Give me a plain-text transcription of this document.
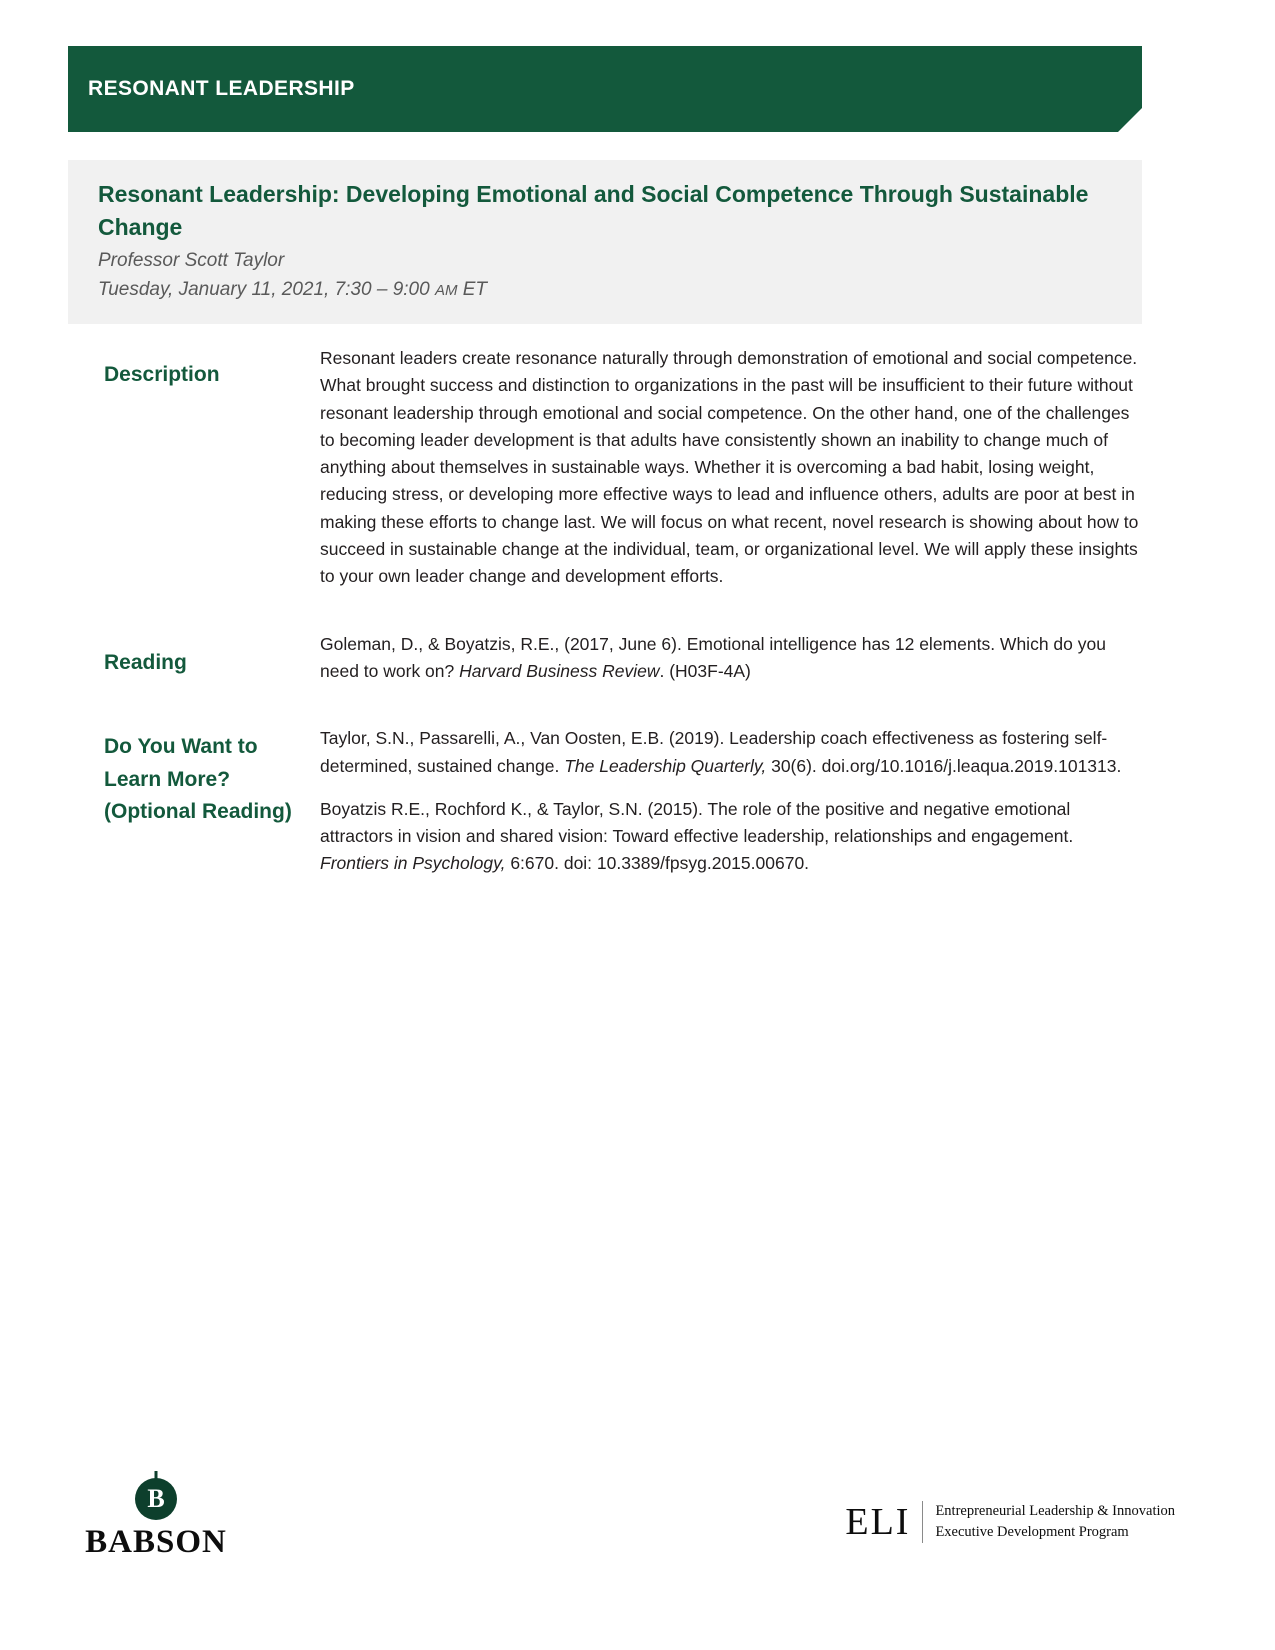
RESONANT LEADERSHIP
Resonant Leadership: Developing Emotional and Social Competence Through Sustainable Change
Professor Scott Taylor
Tuesday, January 11, 2021, 7:30 – 9:00 AM ET
Description

Resonant leaders create resonance naturally through demonstration of emotional and social competence. What brought success and distinction to organizations in the past will be insufficient to their future without resonant leadership through emotional and social competence. On the other hand, one of the challenges to becoming leader development is that adults have consistently shown an inability to change much of anything about themselves in sustainable ways. Whether it is overcoming a bad habit, losing weight, reducing stress, or developing more effective ways to lead and influence others, adults are poor at best in making these efforts to change last. We will focus on what recent, novel research is showing about how to succeed in sustainable change at the individual, team, or organizational level. We will apply these insights to your own leader change and development efforts.

Reading

Goleman, D., & Boyatzis, R.E., (2017, June 6). Emotional intelligence has 12 elements. Which do you need to work on? Harvard Business Review. (H03F-4A)

Do You Want to Learn More? (Optional Reading)

Taylor, S.N., Passarelli, A., Van Oosten, E.B. (2019). Leadership coach effectiveness as fostering self-determined, sustained change. The Leadership Quarterly, 30(6). doi.org/10.1016/j.leaqua.2019.101313.

Boyatzis R.E., Rochford K., & Taylor, S.N. (2015). The role of the positive and negative emotional attractors in vision and shared vision: Toward effective leadership, relationships and engagement. Frontiers in Psychology, 6:670. doi: 10.3389/fpsyg.2015.00670.

B
BABSON	ELI Entrepreneurial Leadership & Innovation
Executive Development Program
